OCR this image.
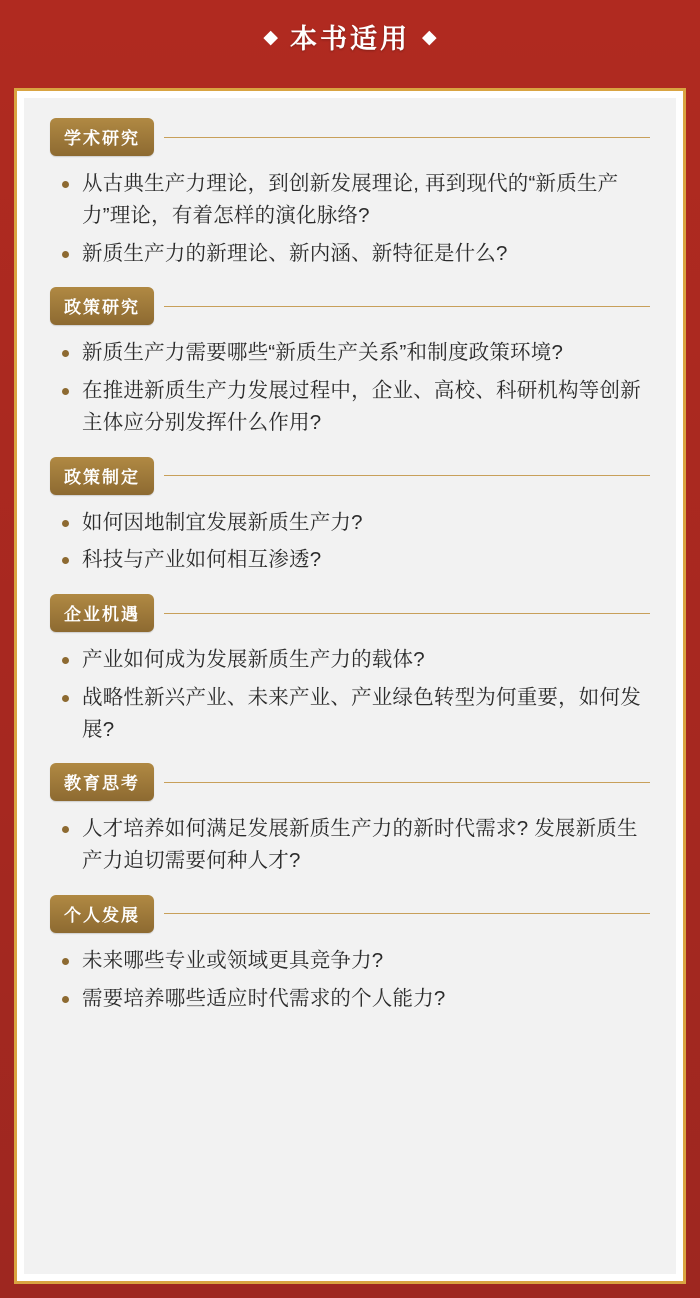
◆ 本书适用 ◆
学术研究
从古典生产力理论，到创新发展理论, 再到现代的“新质生产力”理论，有着怎样的演化脉络?
新质生产力的新理论、新内涵、新特征是什么?
政策研究
新质生产力需要哪些“新质生产关系”和制度政策环境?
在推进新质生产力发展过程中，企业、高校、科研机构等创新主体应分别发挥什么作用?
政策制定
如何因地制宜发展新质生产力?
科技与产业如何相互渗透?
企业机遇
产业如何成为发展新质生产力的载体?
战略性新兴产业、未来产业、产业绿色转型为何重要，如何发展?
教育思考
人才培养如何满足发展新质生产力的新时代需求? 发展新质生产力迫切需要何种人才?
个人发展
未来哪些专业或领域更具竞争力?
需要培养哪些适应时代需求的个人能力?
